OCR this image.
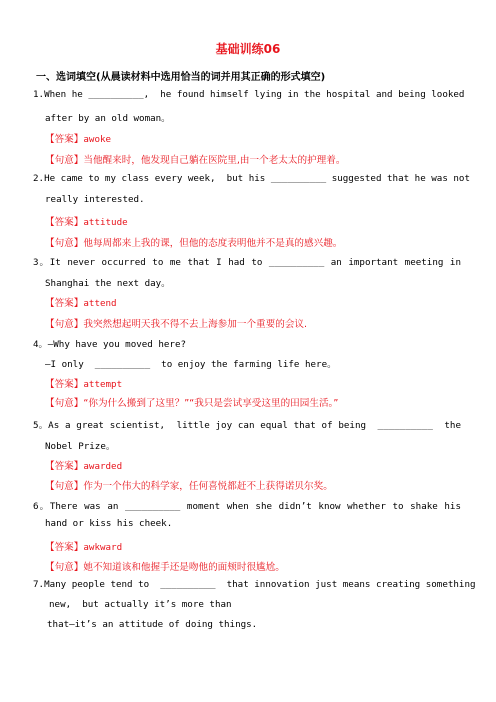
基础训练06
一、选词填空(从晨读材料中选用恰当的词并用其正确的形式填空)
1.When he __________,  he found himself lying in the hospital and being looked
after by an old woman。
【答案】awoke
【句意】当他醒来时，他发现自己躺在医院里,由一个老太太的护理着。
2.He came to my class every week,  but his __________ suggested that he was not
really interested.
【答案】attitude
【句意】他每周都来上我的课，但他的态度表明他并不是真的感兴趣。
3。It never occurred to me that I had to __________ an important meeting in
Shanghai the next day。
【答案】attend
【句意】我突然想起明天我不得不去上海参加一个重要的会议.
4。—Why have you moved here?
—I only  __________  to enjoy the farming life here。
【答案】attempt
【句意】“你为什么搬到了这里？”“我只是尝试享受这里的田园生活。”
5。As a great scientist,  little joy can equal that of being  __________  the
Nobel Prize。
【答案】awarded
【句意】作为一个伟大的科学家，任何喜悦都赶不上获得诺贝尔奖。
6。There was an __________ moment when she didn’t know whether to shake his
hand or kiss his cheek.
【答案】awkward
【句意】她不知道该和他握手还是吻他的面颊时很尴尬。
7.Many people tend to  __________  that innovation just means creating something
new,  but actually it’s more than
that—it’s an attitude of doing things.
